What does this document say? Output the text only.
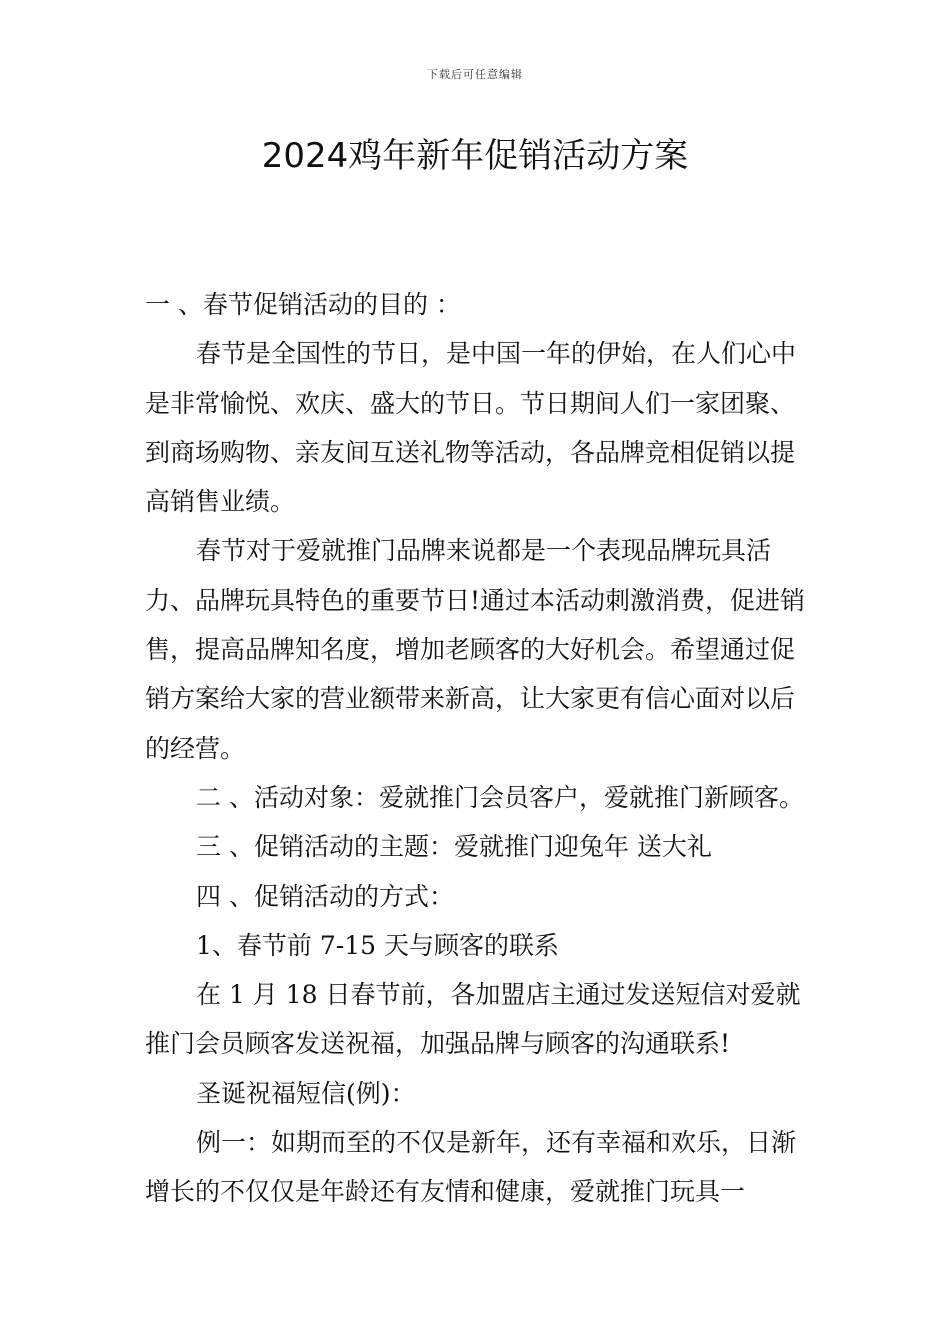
下载后可任意编辑
2024鸡年新年促销活动方案

一 、春节促销活动的目的 ：

春节是全国性的节日，是中国一年的伊始，在人们心中是非常愉悦、欢庆、盛大的节日。节日期间人们一家团聚、到商场购物、亲友间互送礼物等活动，各品牌竞相促销以提高销售业绩。

春节对于爱就推门品牌来说都是一个表现品牌玩具活力、品牌玩具特色的重要节日!通过本活动刺激消费，促进销售，提高品牌知名度，增加老顾客的大好机会。希望通过促销方案给大家的营业额带来新高，让大家更有信心面对以后的经营。

二 、活动对象：爱就推门会员客户，爱就推门新顾客。

三 、促销活动的主题：爱就推门迎兔年 送大礼

四 、促销活动的方式：

1、春节前 7-15 天与顾客的联系

在 1 月 18 日春节前，各加盟店主通过发送短信对爱就推门会员顾客发送祝福，加强品牌与顾客的沟通联系!

圣诞祝福短信(例)：

例一：如期而至的不仅是新年，还有幸福和欢乐，日渐增长的不仅仅是年龄还有友情和健康，爱就推门玩具一
